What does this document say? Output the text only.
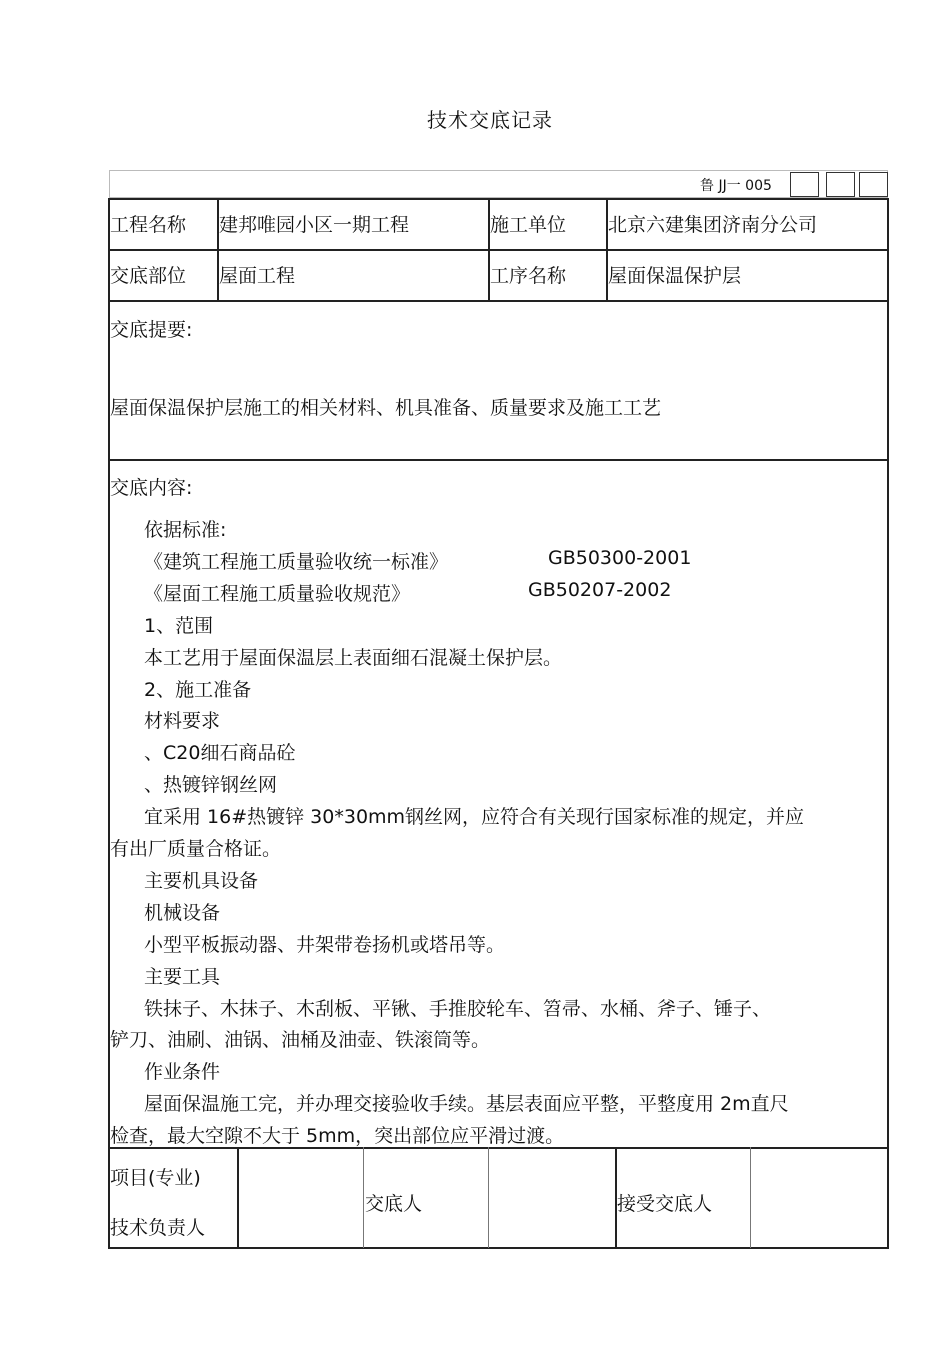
技术交底记录
鲁 JJ一 005
工程名称 建邦唯园小区一期工程	施工单位 北京六建集团济南分公司
交底部位 屋面工程	工序名称 屋面保温保护层
交底提要:
屋面保温保护层施工的相关材料、机具准备、质量要求及施工工艺
交底内容:
依据标准:
《建筑工程施工质量验收统一标准》	GB50300-2001
《屋面工程施工质量验收规范》	GB50207-2002
1、范围
本工艺用于屋面保温层上表面细石混凝土保护层。
2、施工准备
材料要求
、C20细石商品砼
、热镀锌钢丝网
宜采用 16#热镀锌 30*30mm钢丝网，应符合有关现行国家标准的规定，并应
有出厂质量合格证。
主要机具设备
机械设备
小型平板振动器、井架带卷扬机或塔吊等。
主要工具
铁抹子、木抹子、木刮板、平锹、手推胶轮车、笤帚、水桶、斧子、锤子、
铲刀、油刷、油锅、油桶及油壶、铁滚筒等。
作业条件
屋面保温施工完，并办理交接验收手续。基层表面应平整，平整度用 2m直尺
检查，最大空隙不大于 5mm，突出部位应平滑过渡。
项目(专业)
技术负责人
交底人	接受交底人
